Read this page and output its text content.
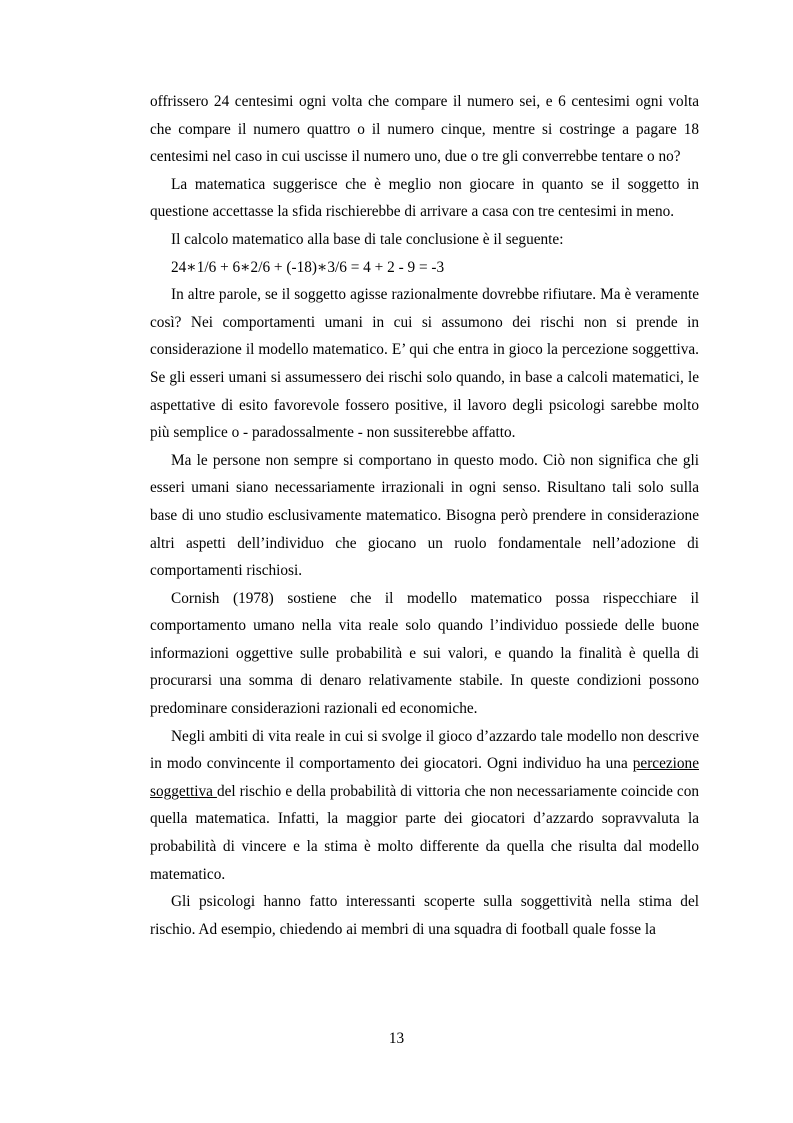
offrissero 24 centesimi ogni volta che compare il numero sei, e 6 centesimi ogni volta che compare il numero quattro o il numero cinque, mentre si costringe a pagare 18 centesimi nel caso in cui uscisse il numero uno, due o tre gli converrebbe tentare o no?

La matematica suggerisce che è meglio non giocare in quanto se il soggetto in questione accettasse la sfida rischierebbe di arrivare a casa con tre centesimi in meno.

Il calcolo matematico alla base di tale conclusione è il seguente:

24∗1/6 + 6∗2/6 + (-18)∗3/6 = 4 + 2 - 9 = -3

In altre parole, se il soggetto agisse razionalmente dovrebbe rifiutare. Ma è veramente così? Nei comportamenti umani in cui si assumono dei rischi non si prende in considerazione il modello matematico. E’ qui che entra in gioco la percezione soggettiva. Se gli esseri umani si assumessero dei rischi solo quando, in base a calcoli matematici, le aspettative di esito favorevole fossero positive, il lavoro degli psicologi sarebbe molto più semplice o - paradossalmente - non sussiterebbe affatto.

Ma le persone non sempre si comportano in questo modo. Ciò non significa che gli esseri umani siano necessariamente irrazionali in ogni senso. Risultano tali solo sulla base di uno studio esclusivamente matematico. Bisogna però prendere in considerazione altri aspetti dell’individuo che giocano un ruolo fondamentale nell’adozione di comportamenti rischiosi.

Cornish (1978) sostiene che il modello matematico possa rispecchiare il comportamento umano nella vita reale solo quando l’individuo possiede delle buone informazioni oggettive sulle probabilità e sui valori, e quando la finalità è quella di procurarsi una somma di denaro relativamente stabile. In queste condizioni possono predominare considerazioni razionali ed economiche.

Negli ambiti di vita reale in cui si svolge il gioco d’azzardo tale modello non descrive in modo convincente il comportamento dei giocatori. Ogni individuo ha una percezione soggettiva del rischio e della probabilità di vittoria che non necessariamente coincide con quella matematica. Infatti, la maggior parte dei giocatori d’azzardo sopravvaluta la probabilità di vincere e la stima è molto differente da quella che risulta dal modello matematico.

Gli psicologi hanno fatto interessanti scoperte sulla soggettività nella stima del rischio. Ad esempio, chiedendo ai membri di una squadra di football quale fosse la

13
